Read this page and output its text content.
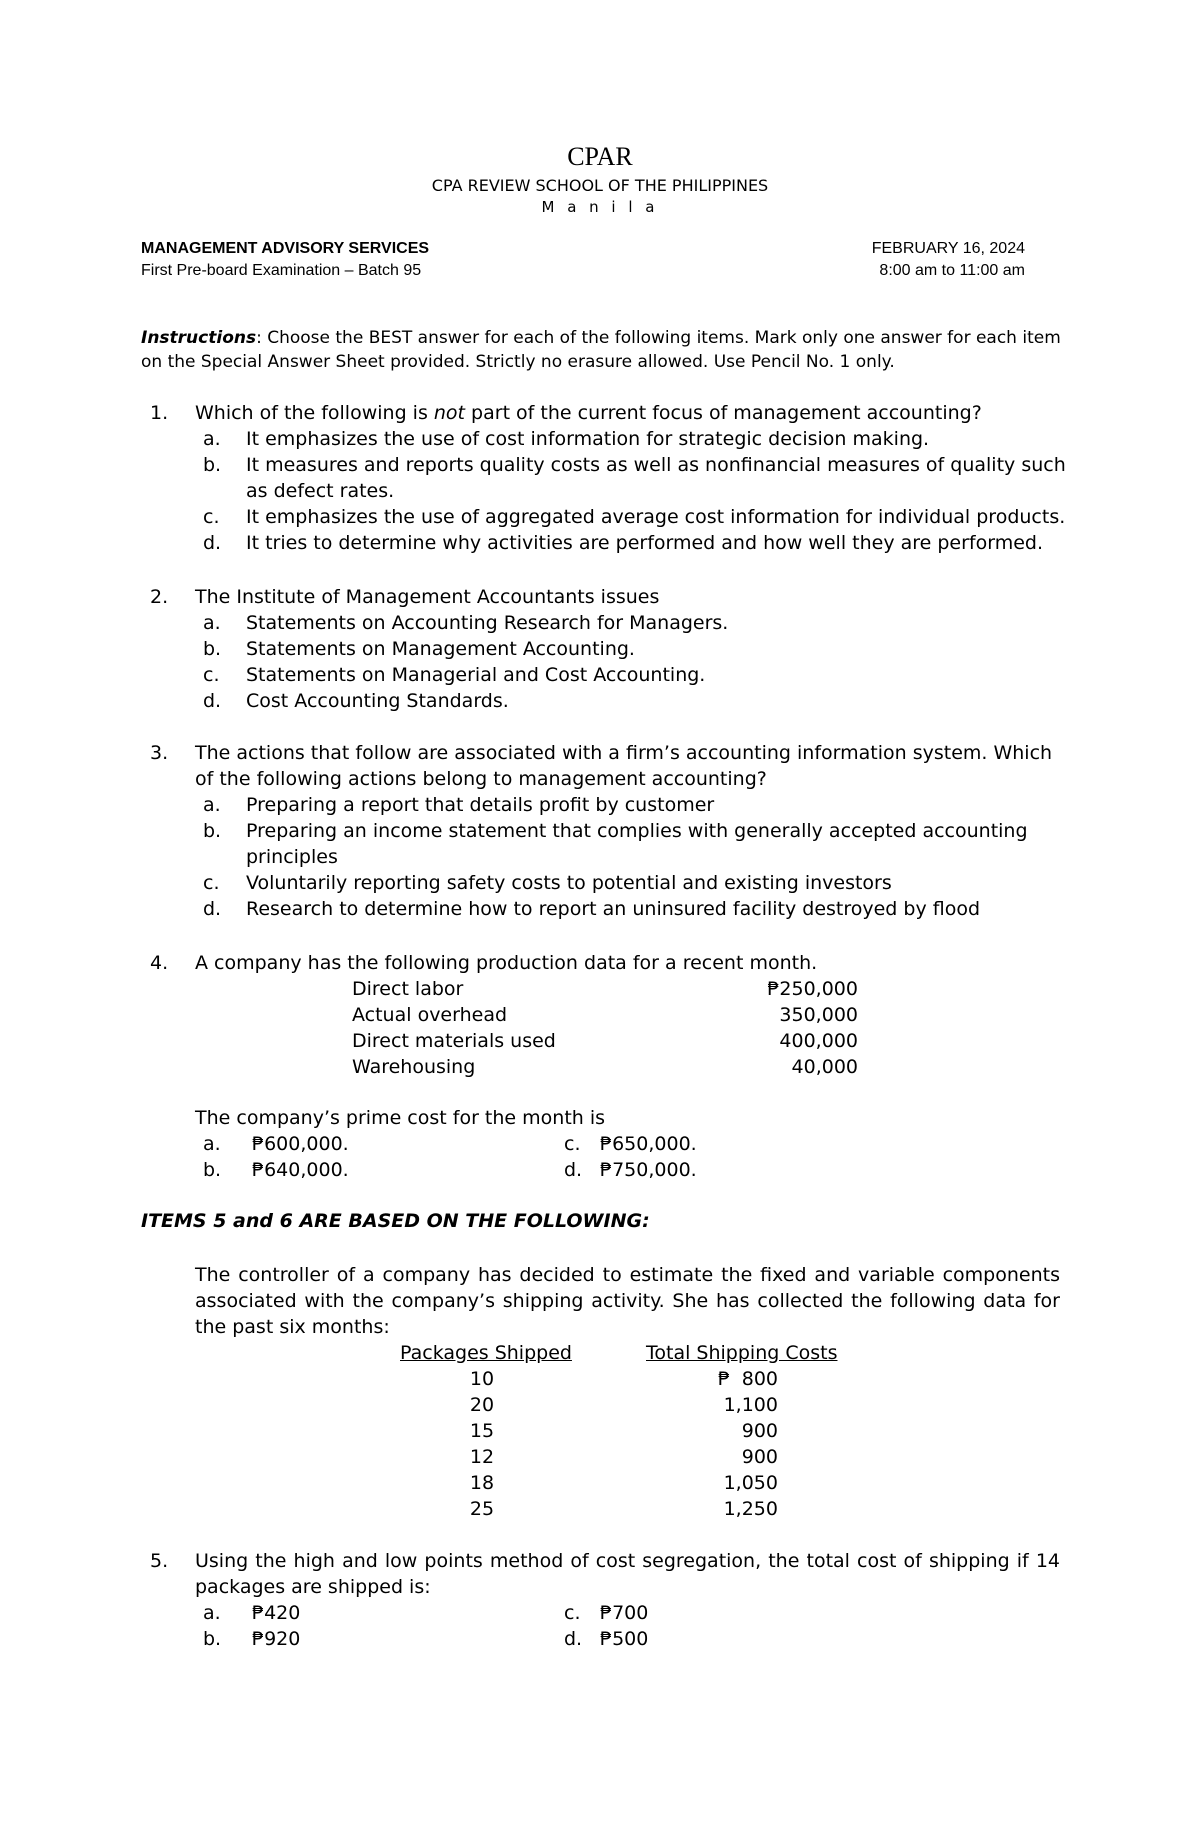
CPAR
CPA REVIEW SCHOOL OF THE PHILIPPINES
M a n i l a
MANAGEMENT ADVISORY SERVICES
First Pre-board Examination – Batch 95
FEBRUARY 16, 2024
8:00 am to 11:00 am
Instructions: Choose the BEST answer for each of the following items. Mark only one answer for each item on the Special Answer Sheet provided. Strictly no erasure allowed. Use Pencil No. 1 only.
1. Which of the following is not part of the current focus of management accounting?
a. It emphasizes the use of cost information for strategic decision making.
b. It measures and reports quality costs as well as nonfinancial measures of quality such as defect rates.
c. It emphasizes the use of aggregated average cost information for individual products.
d. It tries to determine why activities are performed and how well they are performed.
2. The Institute of Management Accountants issues
a. Statements on Accounting Research for Managers.
b. Statements on Management Accounting.
c. Statements on Managerial and Cost Accounting.
d. Cost Accounting Standards.
3. The actions that follow are associated with a firm’s accounting information system. Which of the following actions belong to management accounting?
a. Preparing a report that details profit by customer
b. Preparing an income statement that complies with generally accepted accounting principles
c. Voluntarily reporting safety costs to potential and existing investors
d. Research to determine how to report an uninsured facility destroyed by flood
4. A company has the following production data for a recent month.
Direct labor	₱250,000
Actual overhead	350,000
Direct materials used	400,000
Warehousing	40,000
The company’s prime cost for the month is
a. ₱600,000.
b. ₱640,000.
c. ₱650,000.
d. ₱750,000.
ITEMS 5 and 6 ARE BASED ON THE FOLLOWING:
The controller of a company has decided to estimate the fixed and variable components associated with the company’s shipping activity. She has collected the following data for the past six months:
Packages Shipped	Total Shipping Costs
10	₱ 800
20	1,100
15	900
12	900
18	1,050
25	1,250
5. Using the high and low points method of cost segregation, the total cost of shipping if 14 packages are shipped is:
a. ₱420
b. ₱920
c. ₱700
d. ₱500
